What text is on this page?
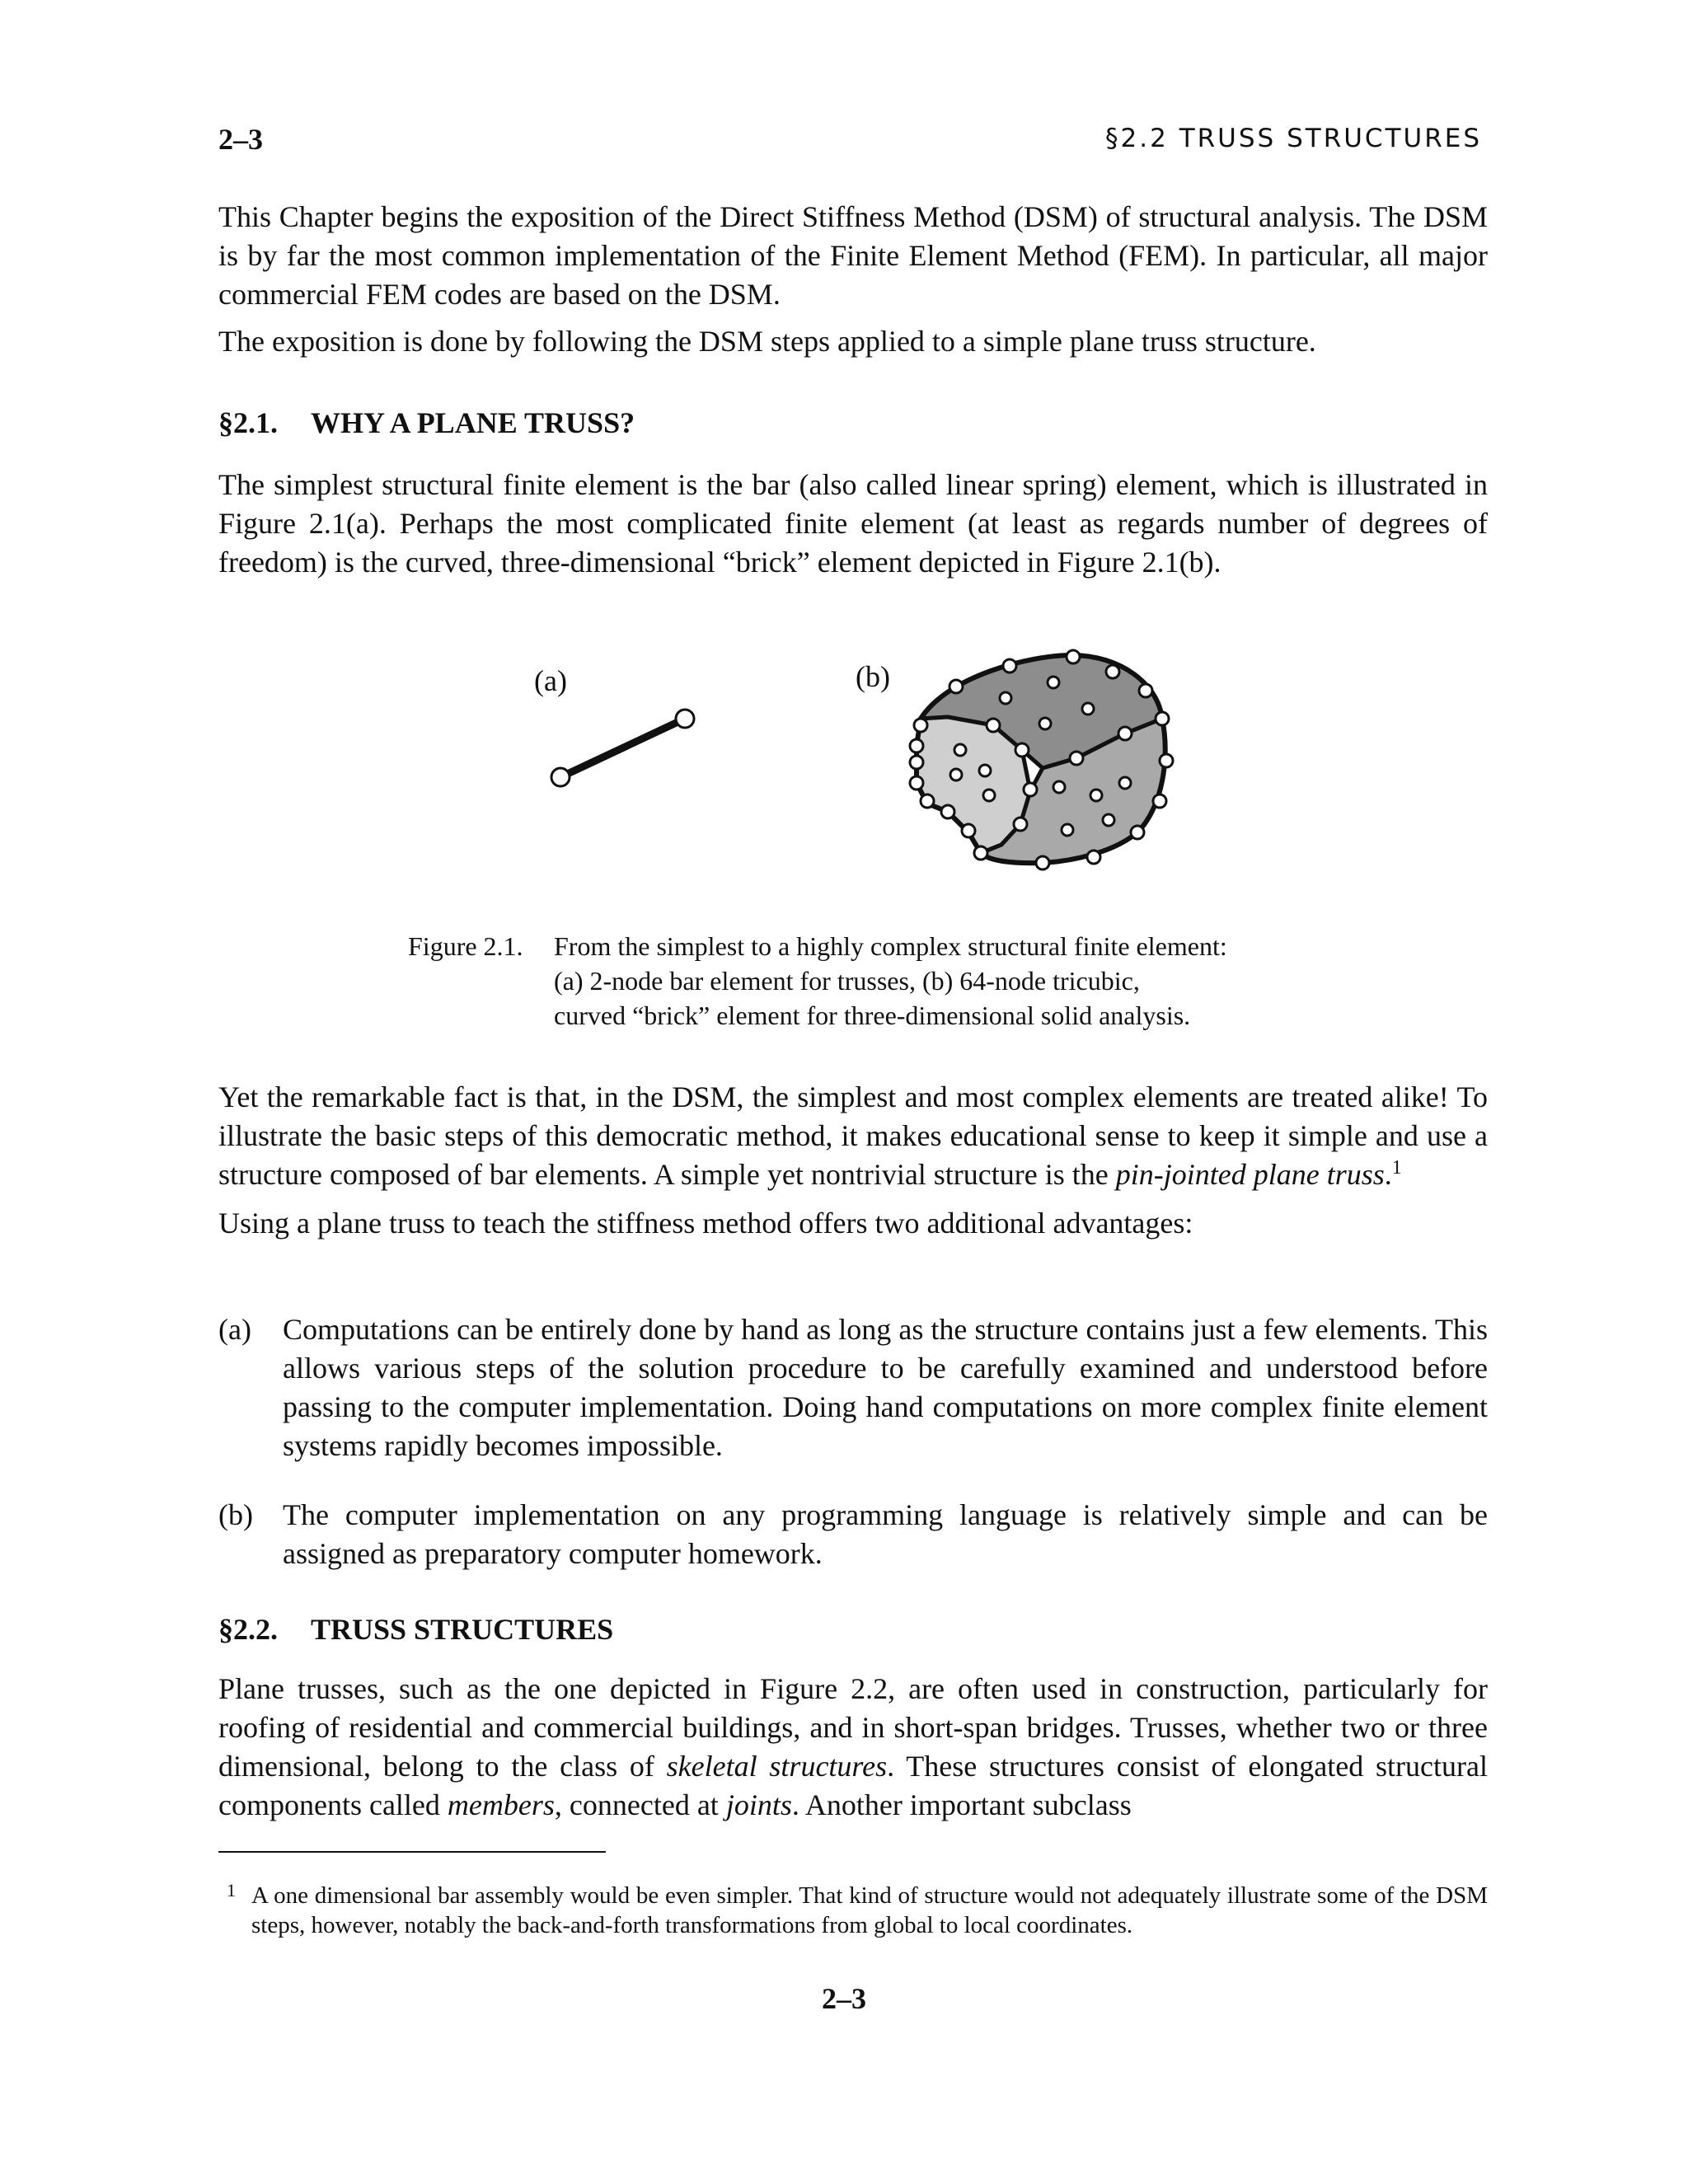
2–3	§2.2 TRUSS STRUCTURES

This Chapter begins the exposition of the Direct Stiffness Method (DSM) of structural analysis. The DSM is by far the most common implementation of the Finite Element Method (FEM). In particular, all major commercial FEM codes are based on the DSM.

The exposition is done by following the DSM steps applied to a simple plane truss structure.

§2.1. WHY A PLANE TRUSS?

The simplest structural finite element is the bar (also called linear spring) element, which is illustrated in Figure 2.1(a). Perhaps the most complicated finite element (at least as regards number of degrees of freedom) is the curved, three-dimensional “brick” element depicted in Figure 2.1(b).

(a)	(b)
Figure 2.1.	From the simplest to a highly complex structural finite element:
(a) 2-node bar element for trusses, (b) 64-node tricubic,
curved “brick” element for three-dimensional solid analysis.

Yet the remarkable fact is that, in the DSM, the simplest and most complex elements are treated alike! To illustrate the basic steps of this democratic method, it makes educational sense to keep it simple and use a structure composed of bar elements. A simple yet nontrivial structure is the pin-jointed plane truss.$^1$

Using a plane truss to teach the stiffness method offers two additional advantages:

(a) Computations can be entirely done by hand as long as the structure contains just a few elements. This allows various steps of the solution procedure to be carefully examined and understood before passing to the computer implementation. Doing hand computations on more complex finite element systems rapidly becomes impossible.
(b) The computer implementation on any programming language is relatively simple and can be assigned as preparatory computer homework.

§2.2. TRUSS STRUCTURES

Plane trusses, such as the one depicted in Figure 2.2, are often used in construction, particularly for roofing of residential and commercial buildings, and in short-span bridges. Trusses, whether two or three dimensional, belong to the class of skeletal structures. These structures consist of elongated structural components called members, connected at joints. Another important subclass

1 A one dimensional bar assembly would be even simpler. That kind of structure would not adequately illustrate some of the DSM steps, however, notably the back-and-forth transformations from global to local coordinates.
2–3
